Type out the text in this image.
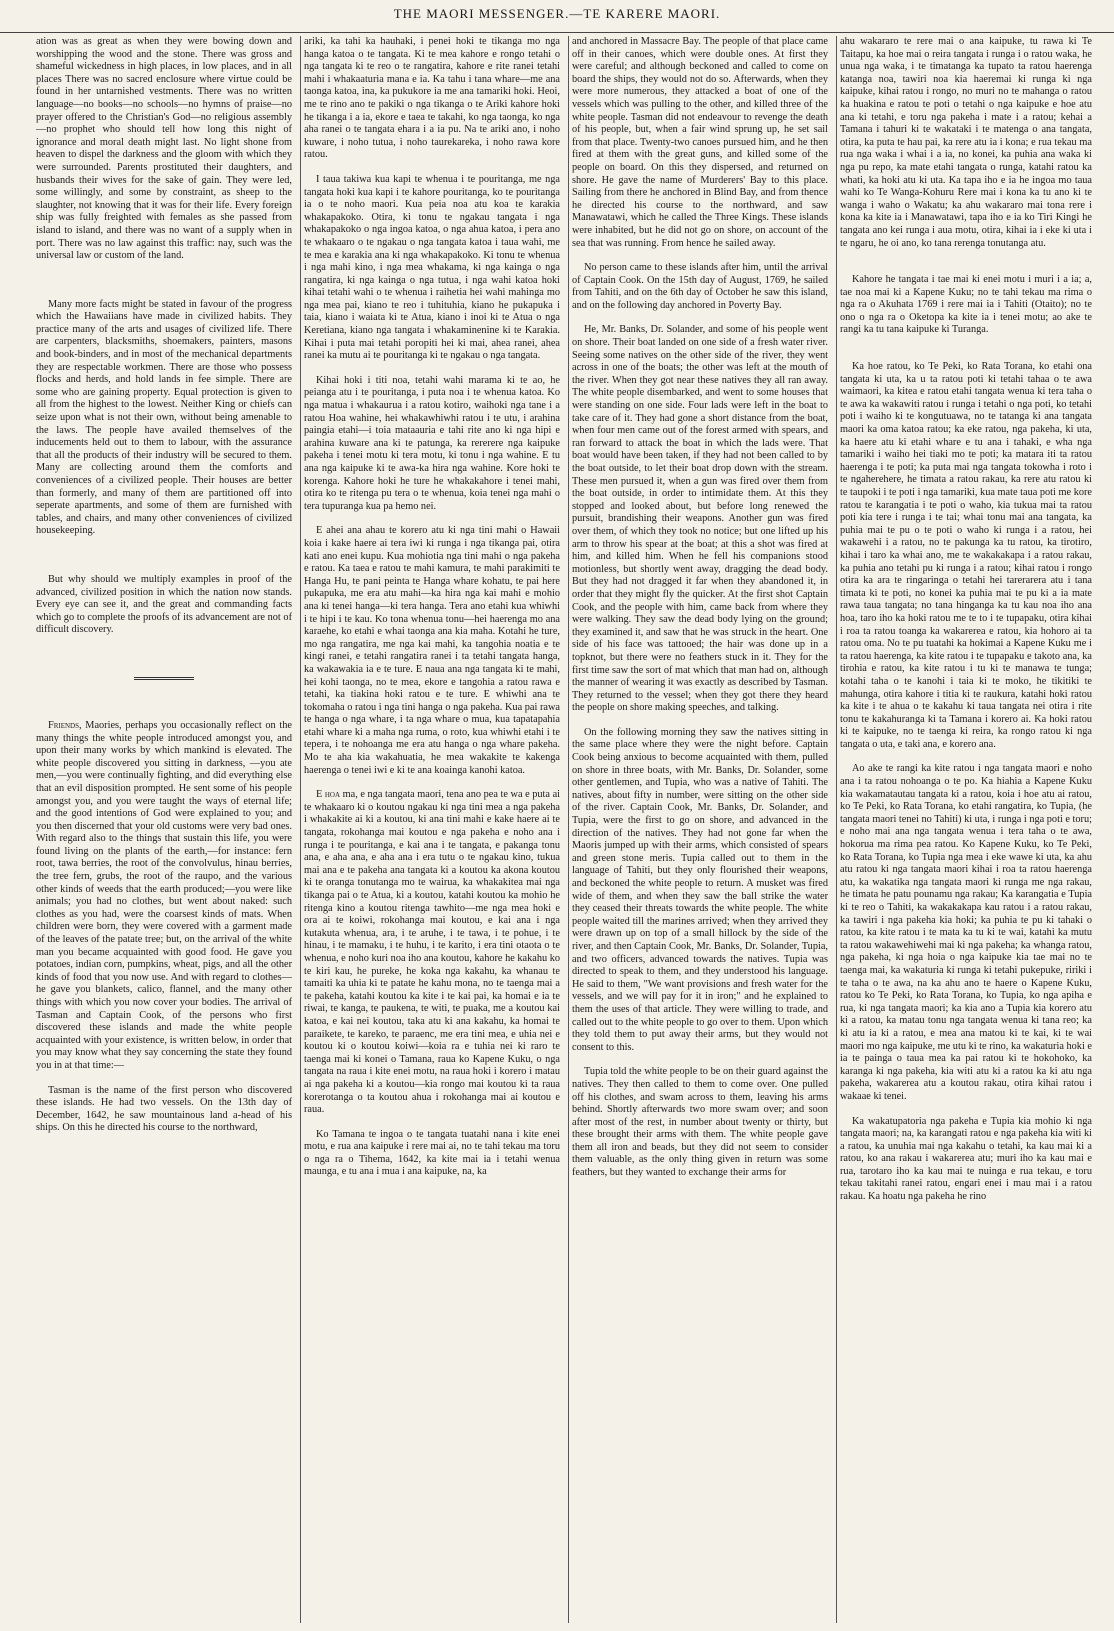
THE MAORI MESSENGER.—TE KARERE MAORI.

ation was as great as when they were bowing down and worshipping the wood and the stone. There was gross and shameful wickedness in high places, in low places, and in all places There was no sacred enclosure where virtue could be found in her untarnished vestments. There was no written language—no books—no schools—no hymns of praise—no prayer offered to the Christian's God—no religious assembly—no prophet who should tell how long this night of ignorance and moral death might last. No light shone from heaven to dispel the darkness and the gloom with which they were surrounded. Parents prostituted their daughters, and husbands their wives for the sake of gain. They were led, some willingly, and some by constraint, as sheep to the slaughter, not knowing that it was for their life. Every foreign ship was fully freighted with females as she passed from island to island, and there was no want of a supply when in port. There was no law against this traffic: nay, such was the universal law or custom of the land.

Many more facts might be stated in favour of the progress which the Hawaiians have made in civilized habits. They practice many of the arts and usages of civilized life. There are carpenters, blacksmiths, shoemakers, painters, masons and book-binders, and in most of the mechanical departments they are respectable workmen. There are those who possess flocks and herds, and hold lands in fee simple. There are some who are gaining property. Equal protection is given to all from the highest to the lowest. Neither King or chiefs can seize upon what is not their own, without being amenable to the laws. The people have availed themselves of the inducements held out to them to labour, with the assurance that all the products of their industry will be secured to them. Many are collecting around them the comforts and conveniences of a civilized people. Their houses are better than formerly, and many of them are partitioned off into seperate apartments, and some of them are furnished with tables, and chairs, and many other conveniences of civilized housekeeping.

But why should we multiply examples in proof of the advanced, civilized position in which the nation now stands. Every eye can see it, and the great and commanding facts which go to complete the proofs of its advancement are not of difficult discovery.

Friends, Maories, perhaps you occasionally reflect on the many things the white people introduced amongst you, and upon their many works by which mankind is elevated. The white people discovered you sitting in darkness, —you ate men,—you were continually fighting, and did everything else that an evil disposition prompted. He sent some of his people amongst you, and you were taught the ways of eternal life; and the good intentions of God were explained to you; and you then discerned that your old customs were very bad ones. With regard also to the things that sustain this life, you were found living on the plants of the earth,—for instance: fern root, tawa berries, the root of the convolvulus, hinau berries, the tree fern, grubs, the root of the raupo, and the various other kinds of weeds that the earth produced;—you were like animals; you had no clothes, but went about naked: such clothes as you had, were the coarsest kinds of mats. When children were born, they were covered with a garment made of the leaves of the patate tree; but, on the arrival of the white man you became acquainted with good food. He gave you potatoes, indian corn, pumpkins, wheat, pigs, and all the other kinds of food that you now use. And with regard to clothes—he gave you blankets, calico, flannel, and the many other things with which you now cover your bodies. The arrival of Tasman and Captain Cook, of the persons who first discovered these islands and made the white people acquainted with your existence, is written below, in order that you may know what they say concerning the state they found you in at that time:—

Tasman is the name of the first person who discovered these islands. He had two vessels. On the 13th day of December, 1642, he saw mountainous land a-head of his ships. On this he directed his course to the northward,

ariki, ka tahi ka hauhaki, i penei hoki te tikanga mo nga hanga katoa o te tangata. Ki te mea kahore e rongo tetahi o nga tangata ki te reo o te rangatira, kahore e rite ranei tetahi mahi i whakaaturia mana e ia. Ka tahu i tana whare—me ana taonga katoa, ina, ka pukukore ia me ana tamariki hoki. Heoi, me te rino ano te pakiki o nga tikanga o te Ariki kahore hoki he tikanga i a ia, ekore e taea te takahi, ko nga taonga, ko nga aha ranei o te tangata ehara i a ia pu. Na te ariki ano, i noho kuware, i noho tutua, i noho taurekareka, i noho rawa kore ratou.

I taua takiwa kua kapi te whenua i te pouritanga, me nga tangata hoki kua kapi i te kahore pouritanga, ko te pouritanga ia o te noho maori. Kua peia noa atu koa te karakia whakapakoko. Otira, ki tonu te ngakau tangata i nga whakapakoko o nga ingoa katoa, o nga ahua katoa, i pera ano te whakaaro o te ngakau o nga tangata katoa i taua wahi, me te mea e karakia ana ki nga whakapakoko. Ki tonu te whenua i nga mahi kino, i nga mea whakama, ki nga kainga o nga rangatira, ki nga kainga o nga tutua, i nga wahi katoa hoki kihai tetahi wahi o te whenua i raihetia hei wahi mahinga mo nga mea pai, kiano te reo i tuhituhia, kiano he pukapuka i taia, kiano i waiata ki te Atua, kiano i inoi ki te Atua o nga Keretiana, kiano nga tangata i whakaminenine ki te Karakia. Kihai i puta mai tetahi poropiti hei ki mai, ahea ranei, ahea ranei ka mutu ai te pouritanga ki te ngakau o nga tangata.

Kihai hoki i titi noa, tetahi wahi marama ki te ao, he peianga atu i te pouritanga, i puta noa i te whenua katoa. Ko nga matua i whakaurua i a ratou kotiro, waihoki nga tane i a ratou Hoa wahine, hei whakawhiwhi ratou i te utu, i arahina paingia etahi—i toia mataauria e tahi rite ano ki nga hipi e arahina kuware ana ki te patunga, ka rererere nga kaipuke pakeha i tenei motu ki tera motu, ki tonu i nga wahine. E tu ana nga kaipuke ki te awa-ka hira nga wahine. Kore hoki te korenga. Kahore hoki he ture he whakakahore i tenei mahi, otira ko te ritenga pu tera o te whenua, koia tenei nga mahi o tera tupuranga kua pa hemo nei.

E ahei ana ahau te korero atu ki nga tini mahi o Hawaii koia i kake haere ai tera iwi ki runga i nga tikanga pai, otira kati ano enei kupu. Kua mohiotia nga tini mahi o nga pakeha e ratou. Ka taea e ratou te mahi kamura, te mahi parakimiti te Hanga Hu, te pani peinta te Hanga whare kohatu, te pai here pukapuka, me era atu mahi—ka hira nga kai mahi e mohio ana ki tenei hanga—ki tera hanga. Tera ano etahi kua whiwhi i te hipi i te kau. Ko tona whenua tonu—hei haerenga mo ana karaehe, ko etahi e whai taonga ana kia maha. Kotahi he ture, mo nga rangatira, me nga kai mahi, ka tangohia noatia e te kingi ranei, e tetahi rangatira ranei i ta tetahi tangata hanga, ka wakawakia ia e te ture. E naua ana nga tangata ki te mahi, hei kohi taonga, no te mea, ekore e tangohia a ratou rawa e tetahi, ka tiakina hoki ratou e te ture. E whiwhi ana te tokomaha o ratou i nga tini hanga o nga pakeha. Kua pai rawa te hanga o nga whare, i ta nga whare o mua, kua tapatapahia etahi whare ki a maha nga ruma, o roto, kua whiwhi etahi i te tepera, i te nohoanga me era atu hanga o nga whare pakeha. Mo te aha kia wakahuatia, he mea wakakite te kakenga haerenga o tenei iwi e ki te ana koainga kanohi katoa.

E hoa ma, e nga tangata maori, tena ano pea te wa e puta ai te whakaaro ki o koutou ngakau ki nga tini mea a nga pakeha i whakakite ai ki a koutou, ki ana tini mahi e kake haere ai te tangata, rokohanga mai koutou e nga pakeha e noho ana i runga i te pouritanga, e kai ana i te tangata, e pakanga tonu ana, e aha ana, e aha ana i era tutu o te ngakau kino, tukua mai ana e te pakeha ana tangata ki a koutou ka akona koutou ki te oranga tonutanga mo te wairua, ka whakakitea mai nga tikanga pai o te Atua, ki a koutou, katahi koutou ka mohio he ritenga kino a koutou ritenga tawhito—me nga mea hoki e ora ai te koiwi, rokohanga mai koutou, e kai ana i nga kutakuta whenua, ara, i te aruhe, i te tawa, i te pohue, i te hinau, i te mamaku, i te huhu, i te karito, i era tini otaota o te whenua, e noho kuri noa iho ana koutou, kahore he kakahu ko te kiri kau, he pureke, he koka nga kakahu, ka whanau te tamaiti ka uhia ki te patate he kahu mona, no te taenga mai a te pakeha, katahi koutou ka kite i te kai pai, ka homai e ia te riwai, te kanga, te paukena, te witi, te puaka, me a koutou kai katoa, e kai nei koutou, taka atu ki ana kakahu, ka homai te paraikete, te kareko, te paraenc, me era tini mea, e uhia nei e koutou ki o koutou koiwi—koia ra e tuhia nei ki raro te taenga mai ki konei o Tamana, raua ko Kapene Kuku, o nga tangata na raua i kite enei motu, na raua hoki i korero i matau ai nga pakeha ki a koutou—kia rongo mai koutou ki ta raua korerotanga o ta koutou ahua i rokohanga mai ai koutou e raua.

Ko Tamana te ingoa o te tangata tuatahi nana i kite enei motu, e rua ana kaipuke i rere mai ai, no te tahi tekau ma toru o nga ra o Tihema, 1642, ka kite mai ia i tetahi wenua maunga, e tu ana i mua i ana kaipuke, na, ka

and anchored in Massacre Bay. The people of that place came off in their canoes, which were double ones. At first they were careful; and although beckoned and called to come on board the ships, they would not do so. Afterwards, when they were more numerous, they attacked a boat of one of the vessels which was pulling to the other, and killed three of the white people. Tasman did not endeavour to revenge the death of his people, but, when a fair wind sprung up, he set sail from that place. Twenty-two canoes pursued him, and he then fired at them with the great guns, and killed some of the people on board. On this they dispersed, and returned on shore. He gave the name of Murderers' Bay to this place. Sailing from there he anchored in Blind Bay, and from thence he directed his course to the northward, and saw Manawatawi, which he called the Three Kings. These islands were inhabited, but he did not go on shore, on account of the sea that was running. From hence he sailed away.

No person came to these islands after him, until the arrival of Captain Cook. On the 15th day of August, 1769, he sailed from Tahiti, and on the 6th day of October he saw this island, and on the following day anchored in Poverty Bay.

He, Mr. Banks, Dr. Solander, and some of his people went on shore. Their boat landed on one side of a fresh water river. Seeing some natives on the other side of the river, they went across in one of the boats; the other was left at the mouth of the river. When they got near these natives they all ran away. The white people disembarked, and went to some houses that were standing on one side. Four lads were left in the boat to take care of it. They had gone a short distance from the boat, when four men came out of the forest armed with spears, and ran forward to attack the boat in which the lads were. That boat would have been taken, if they had not been called to by the boat outside, to let their boat drop down with the stream. These men pursued it, when a gun was fired over them from the boat outside, in order to intimidate them. At this they stopped and looked about, but before long renewed the pursuit, brandishing their weapons. Another gun was fired over them, of which they took no notice; but one lifted up his arm to throw his spear at the boat; at this a shot was fired at him, and killed him. When he fell his companions stood motionless, but shortly went away, dragging the dead body. But they had not dragged it far when they abandoned it, in order that they might fly the quicker. At the first shot Captain Cook, and the people with him, came back from where they were walking. They saw the dead body lying on the ground; they examined it, and saw that he was struck in the heart. One side of his face was tattooed; the hair was done up in a topknot, but there were no feathers stuck in it. They for the first time saw the sort of mat which that man had on, although the manner of wearing it was exactly as described by Tasman. They returned to the vessel; when they got there they heard the people on shore making speeches, and talking.

On the following morning they saw the natives sitting in the same place where they were the night before. Captain Cook being anxious to become acquainted with them, pulled on shore in three boats, with Mr. Banks, Dr. Solander, some other gentlemen, and Tupia, who was a native of Tahiti. The natives, about fifty in number, were sitting on the other side of the river. Captain Cook, Mr. Banks, Dr. Solander, and Tupia, were the first to go on shore, and advanced in the direction of the natives. They had not gone far when the Maoris jumped up with their arms, which consisted of spears and green stone meris. Tupia called out to them in the language of Tahiti, but they only flourished their weapons, and beckoned the white people to return. A musket was fired wide of them, and when they saw the ball strike the water they ceased their threats towards the white people. The white people waited till the marines arrived; when they arrived they were drawn up on top of a small hillock by the side of the river, and then Captain Cook, Mr. Banks, Dr. Solander, Tupia, and two officers, advanced towards the natives. Tupia was directed to speak to them, and they understood his language. He said to them, "We want provisions and fresh water for the vessels, and we will pay for it in iron;" and he explained to them the uses of that article. They were willing to trade, and called out to the white people to go over to them. Upon which they told them to put away their arms, but they would not consent to this.

Tupia told the white people to be on their guard against the natives. They then called to them to come over. One pulled off his clothes, and swam across to them, leaving his arms behind. Shortly afterwards two more swam over; and soon after most of the rest, in number about twenty or thirty, but these brought their arms with them. The white people gave them all iron and beads, but they did not seem to consider them valuable, as the only thing given in return was some feathers, but they wanted to exchange their arms for

ahu wakararo te rere mai o ana kaipuke, tu rawa ki Te Taitapu, ka hoe mai o reira tangata i runga i o ratou waka, he unua nga waka, i te timatanga ka tupato ta ratou haerenga katanga noa, tawiri noa kia haeremai ki runga ki nga kaipuke, kihai ratou i rongo, no muri no te mahanga o ratou ka huakina e ratou te poti o tetahi o nga kaipuke e hoe atu ana ki tetahi, e toru nga pakeha i mate i a ratou; kehai a Tamana i tahuri ki te wakataki i te matenga o ana tangata, otira, ka puta te hau pai, ka rere atu ia i kona; e rua tekau ma rua nga waka i whai i a ia, no konei, ka puhia ana waka ki nga pu repo, ka mate etahi tangata o runga, katahi ratou ka whati, ka hoki atu ki uta. Ka tapa iho e ia he ingoa mo taua wahi ko Te Wanga-Kohuru Rere mai i kona ka tu ano ki te wanga i waho o Wakatu; ka ahu wakararo mai tona rere i kona ka kite ia i Manawatawi, tapa iho e ia ko Tiri Kingi he tangata ano kei runga i aua motu, otira, kihai ia i eke ki uta i te ngaru, he oi ano, ko tana rerenga tonutanga atu.

Kahore he tangata i tae mai ki enei motu i muri i a ia; a, tae noa mai ki a Kapene Kuku; no te tahi tekau ma rima o nga ra o Akuhata 1769 i rere mai ia i Tahiti (Otaito); no te ono o nga ra o Oketopa ka kite ia i tenei motu; ao ake te rangi ka tu tana kaipuke ki Turanga.

Ka hoe ratou, ko Te Peki, ko Rata Torana, ko etahi ona tangata ki uta, ka u ta ratou poti ki tetahi tahaa o te awa waimaori, ka kitea e ratou etahi tangata wenua ki tera taha o te awa ka wakawiti ratou i runga i tetahi o nga poti, ko tetahi poti i waiho ki te kongutuawa, no te tatanga ki ana tangata maori ka oma katoa ratou; ka eke ratou, nga pakeha, ki uta, ka haere atu ki etahi whare e tu ana i tahaki, e wha nga tamariki i waiho hei tiaki mo te poti; ka matara iti ta ratou haerenga i te poti; ka puta mai nga tangata tokowha i roto i te ngaherehere, he timata a ratou rakau, ka rere atu ratou ki te taupoki i te poti i nga tamariki, kua mate taua poti me kore ratou te karangatia i te poti o waho, kia tukua mai ta ratou poti kia tere i runga i te tai; whai tonu mai ana tangata, ka puhia mai te pu o te poti o waho ki runga i a ratou, hei wakawehi i a ratou, no te pakunga ka tu ratou, ka tirotiro, kihai i taro ka whai ano, me te wakakakapa i a ratou rakau, ka puhia ano tetahi pu ki runga i a ratou; kihai ratou i rongo otira ka ara te ringaringa o tetahi hei tarerarera atu i tana timata ki te poti, no konei ka puhia mai te pu ki a ia mate rawa taua tangata; no tana hinganga ka tu kau noa iho ana hoa, taro iho ka hoki ratou me te to i te tupapaku, otira kihai i roa ta ratou toanga ka wakarerea e ratou, kia hohoro ai ta ratou oma. No te pu tuatahi ka hokimai a Kapene Kuku me i ta ratou haerenga, ka kite ratou i te tupapaku e takoto ana, ka tirohia e ratou, ka kite ratou i tu ki te manawa te tunga; kotahi taha o te kanohi i taia ki te moko, he tikitiki te mahunga, otira kahore i titia ki te raukura, katahi hoki ratou ka kite i te ahua o te kakahu ki taua tangata nei otira i rite tonu te kakahuranga ki ta Tamana i korero ai. Ka hoki ratou ki te kaipuke, no te taenga ki reira, ka rongo ratou ki nga tangata o uta, e taki ana, e korero ana.

Ao ake te rangi ka kite ratou i nga tangata maori e noho ana i ta ratou nohoanga o te po. Ka hiahia a Kapene Kuku kia wakamatautau tangata ki a ratou, koia i hoe atu ai ratou, ko Te Peki, ko Rata Torana, ko etahi rangatira, ko Tupia, (he tangata maori tenei no Tahiti) ki uta, i runga i nga poti e toru; e noho mai ana nga tangata wenua i tera taha o te awa, hokorua ma rima pea ratou. Ko Kapene Kuku, ko Te Peki, ko Rata Torana, ko Tupia nga mea i eke wawe ki uta, ka ahu atu ratou ki nga tangata maori kihai i roa ta ratou haerenga atu, ka wakatika nga tangata maori ki runga me nga rakau, he timata he patu pounamu nga rakau; Ka karangatia e Tupia ki te reo o Tahiti, ka wakakakapa kau ratou i a ratou rakau, ka tawiri i nga pakeha kia hoki; ka puhia te pu ki tahaki o ratou, ka kite ratou i te mata ka tu ki te wai, katahi ka mutu ta ratou wakawehiwehi mai ki nga pakeha; ka whanga ratou, nga pakeha, ki nga hoia o nga kaipuke kia tae mai no te taenga mai, ka wakaturia ki runga ki tetahi pukepuke, ririki i te taha o te awa, na ka ahu ano te haere o Kapene Kuku, ratou ko Te Peki, ko Rata Torana, ko Tupia, ko nga apiha e rua, ki nga tangata maori; ka kia ano a Tupia kia korero atu ki a ratou, ka matau tonu nga tangata wenua ki tana reo; ka ki atu ia ki a ratou, e mea ana matou ki te kai, ki te wai maori mo nga kaipuke, me utu ki te rino, ka wakaturia hoki e ia te painga o taua mea ka pai ratou ki te hokohoko, ka karanga ki nga pakeha, kia witi atu ki a ratou ka ki atu nga pakeha, wakarerea atu a koutou rakau, otira kihai ratou i wakaae ki tenei.

Ka wakatupatoria nga pakeha e Tupia kia mohio ki nga tangata maori; na, ka karangati ratou e nga pakeha kia witi ki a ratou, ka unuhia mai nga kakahu o tetahi, ka kau mai ki a ratou, ko ana rakau i wakarerea atu; muri iho ka kau mai e rua, tarotaro iho ka kau mai te nuinga e rua tekau, e toru tekau takitahi ranei ratou, engari enei i mau mai i a ratou rakau. Ka hoatu nga pakeha he rino
